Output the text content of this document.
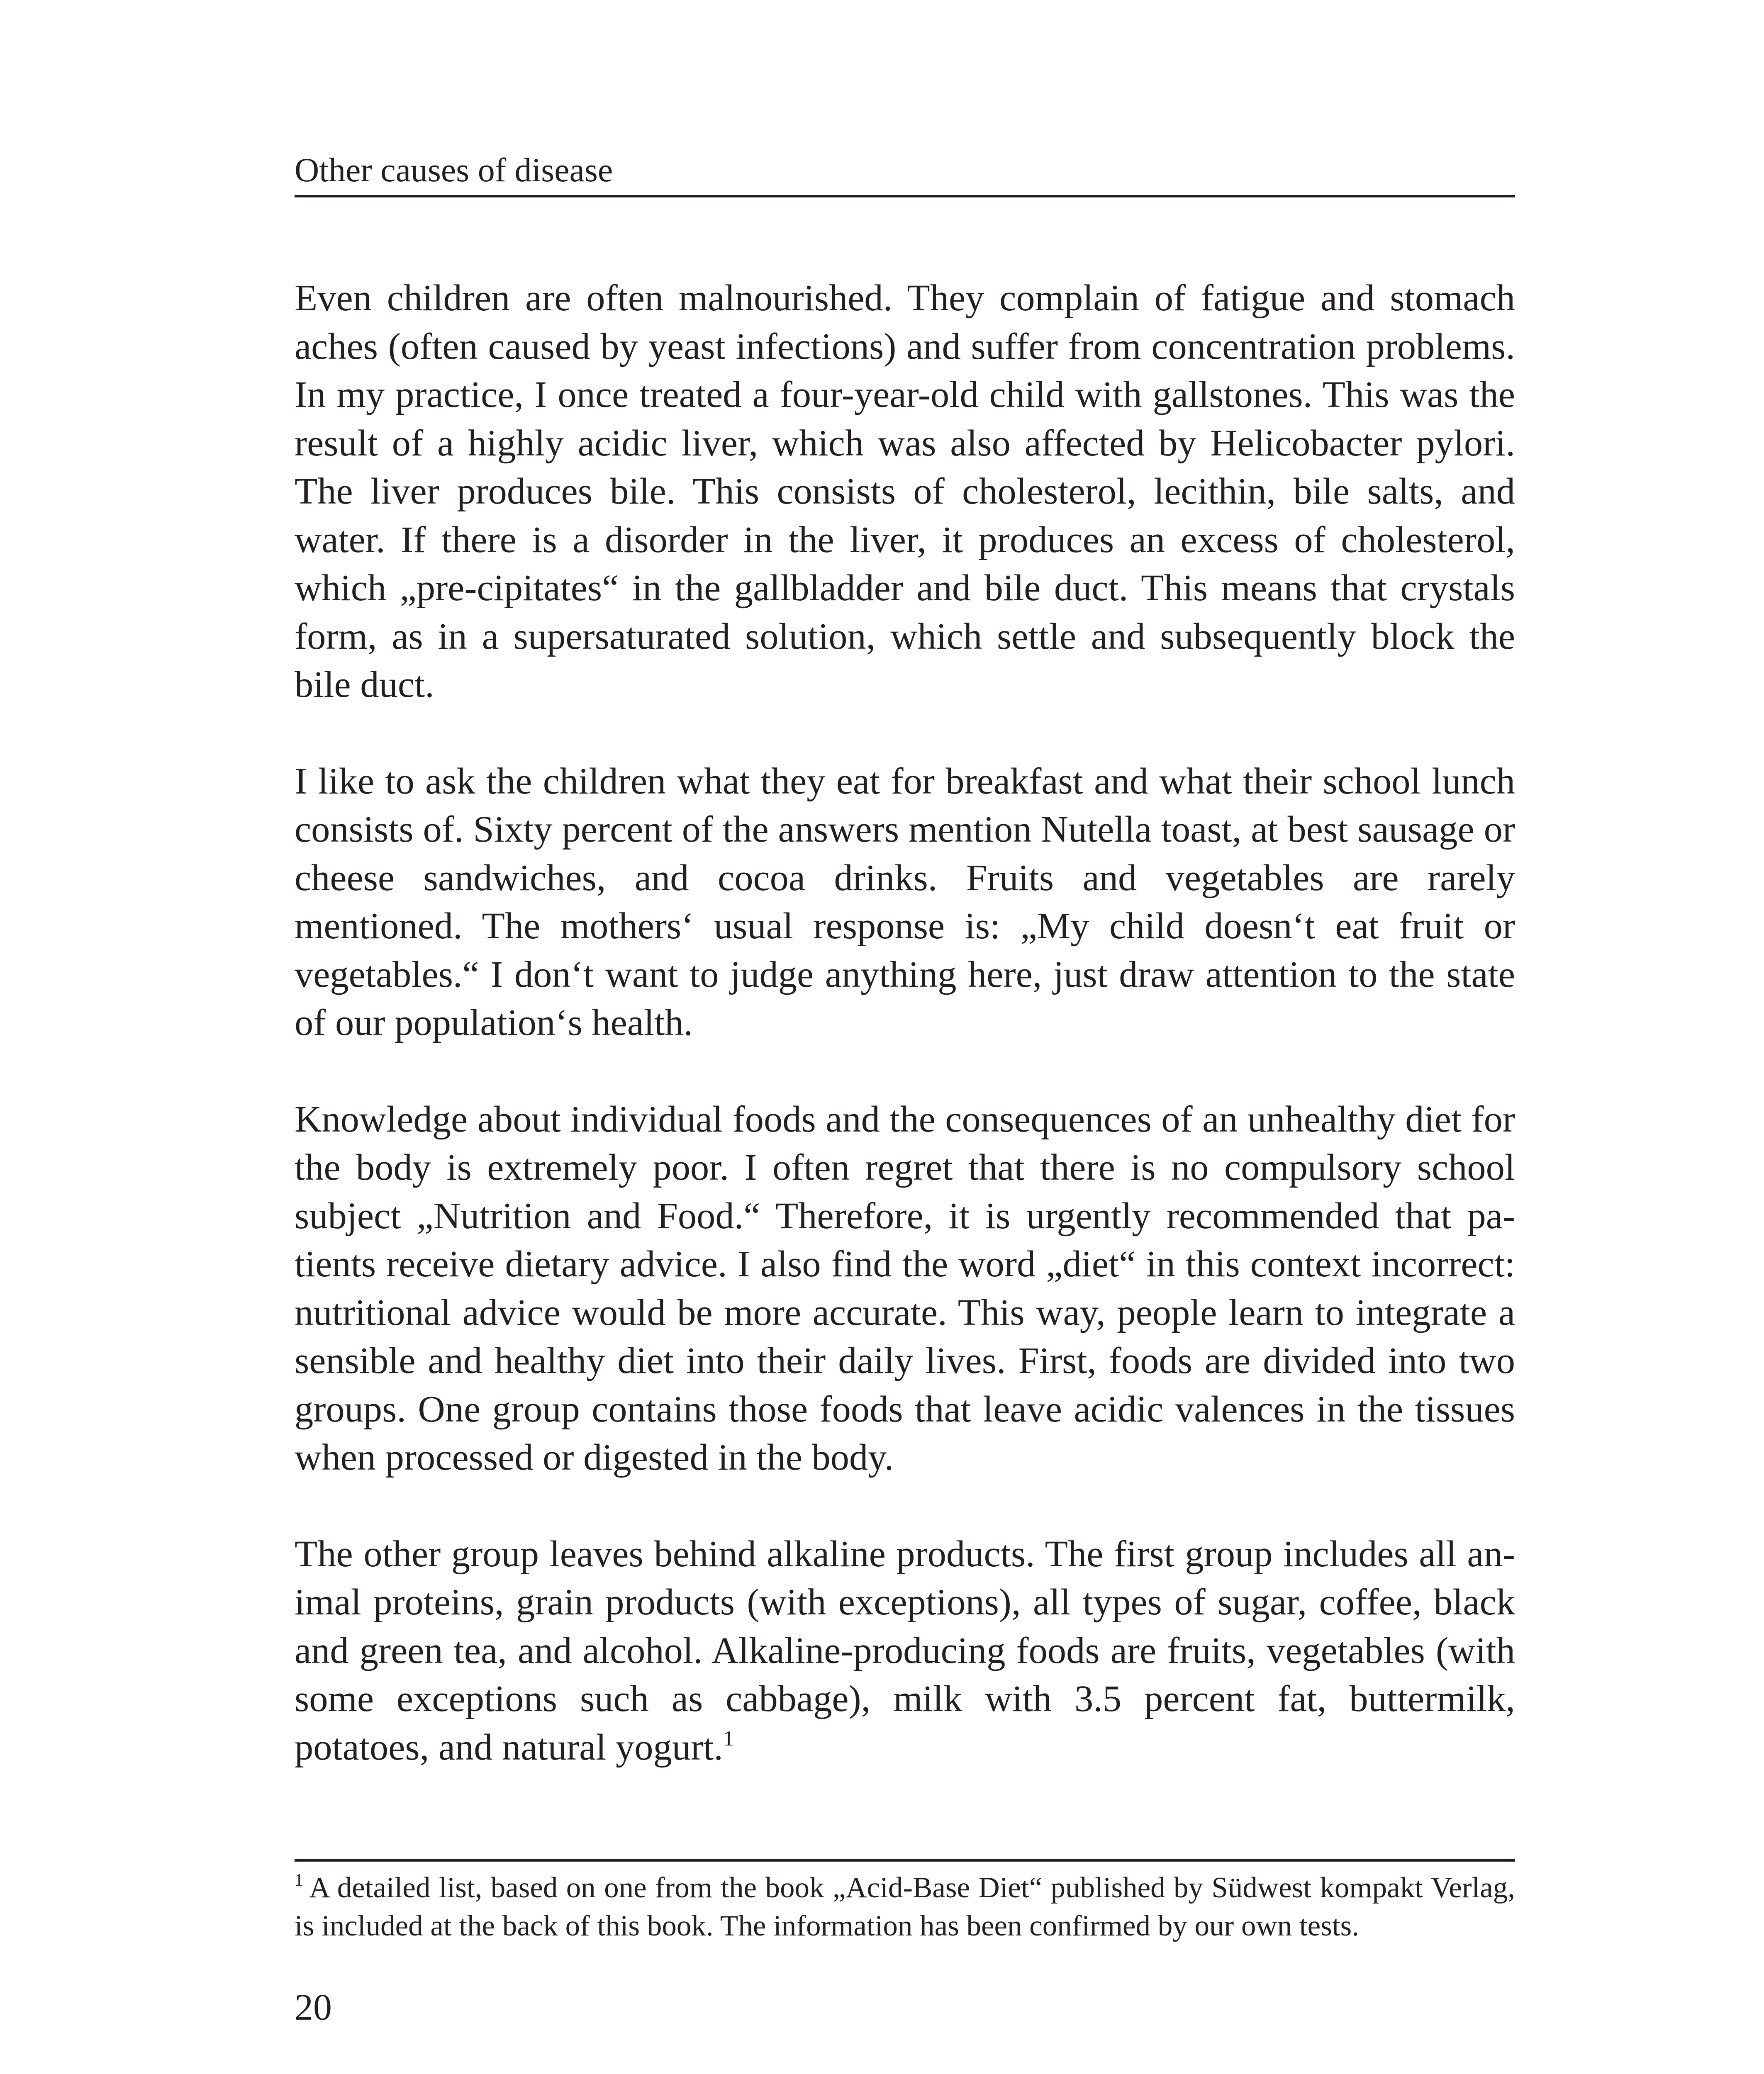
Other causes of disease

Even children are often malnourished. They complain of fatigue and stomach aches (often caused by yeast infections) and suffer from concentration problems. In my practice, I once treated a four-year-old child with gallstones. This was the result of a highly acidic liver, which was also affected by Helicobacter pylori. The liver produces bile. This consists of cholesterol, lecithin, bile salts, and water. If there is a disorder in the liver, it produces an excess of cholesterol, which „pre-cipitates“ in the gallbladder and bile duct. This means that crystals form, as in a supersaturated solution, which settle and subsequently block the bile duct.

I like to ask the children what they eat for breakfast and what their school lunch consists of. Sixty percent of the answers mention Nutella toast, at best sausage or cheese sandwiches, and cocoa drinks. Fruits and vegetables are rarely mentioned. The mothers‘ usual response is: „My child doesn‘t eat fruit or vegetables.“ I don‘t want to judge anything here, just draw attention to the state of our population‘s health.

Knowledge about individual foods and the consequences of an unhealthy diet for the body is extremely poor. I often regret that there is no compulsory school subject „Nutrition and Food.“ Therefore, it is urgently recommended that patients receive dietary advice. I also find the word „diet“ in this context incorrect: nutritional advice would be more accurate. This way, people learn to integrate a sensible and healthy diet into their daily lives. First, foods are divided into two groups. One group contains those foods that leave acidic valences in the tissues when processed or digested in the body.

The other group leaves behind alkaline products. The first group includes all animal proteins, grain products (with exceptions), all types of sugar, coffee, black and green tea, and alcohol. Alkaline-producing foods are fruits, vegetables (with some exceptions such as cabbage), milk with 3.5 percent fat, buttermilk, potatoes, and natural yogurt.$^1$

$^1$ A detailed list, based on one from the book „Acid-Base Diet“ published by Südwest kompakt Verlag, is included at the back of this book. The information has been confirmed by our own tests.
20
